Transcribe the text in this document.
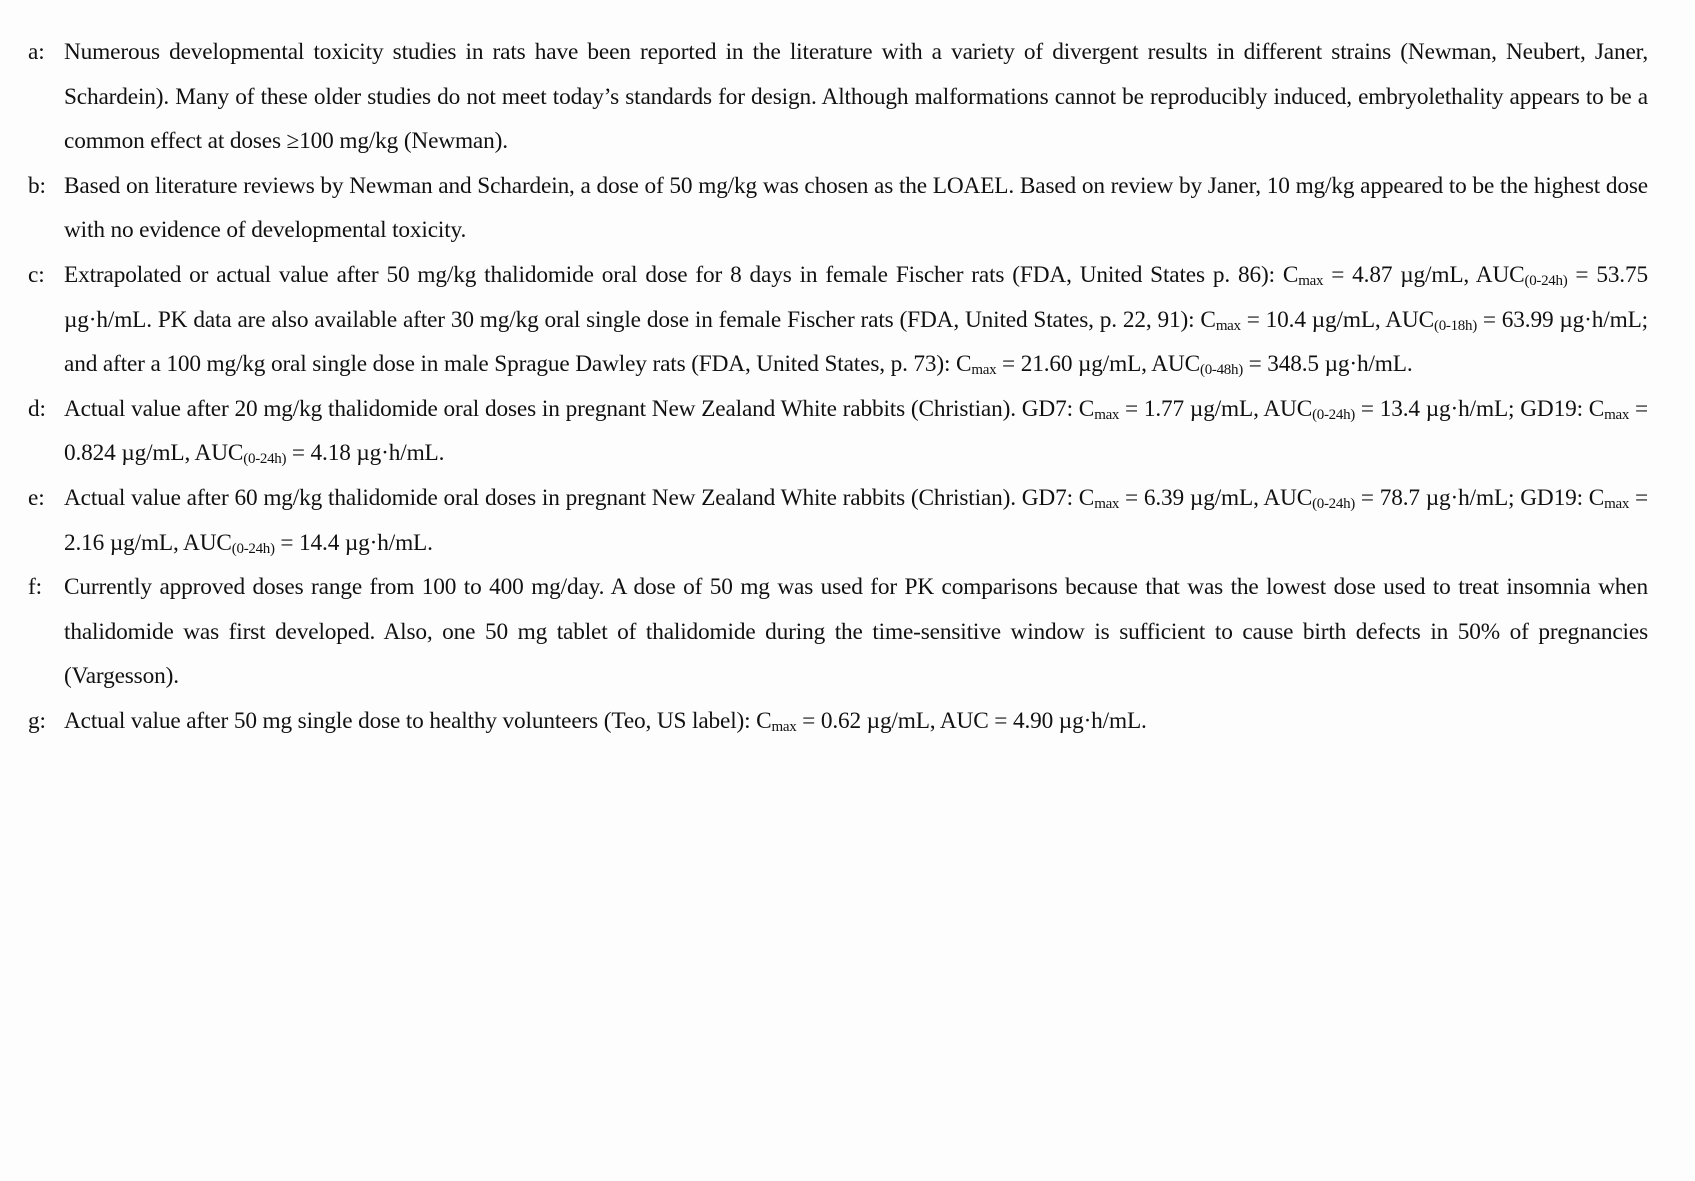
a: Numerous developmental toxicity studies in rats have been reported in the literature with a variety of divergent results in different strains (Newman, Neubert, Janer, Schardein). Many of these older studies do not meet today’s standards for design. Although malformations cannot be reproducibly induced, embryolethality appears to be a common effect at doses ≥100 mg/kg (Newman).
b: Based on literature reviews by Newman and Schardein, a dose of 50 mg/kg was chosen as the LOAEL. Based on review by Janer, 10 mg/kg appeared to be the highest dose with no evidence of developmental toxicity.
c: Extrapolated or actual value after 50 mg/kg thalidomide oral dose for 8 days in female Fischer rats (FDA, United States p. 86): $C_{max} = 4.87$ µg/mL, $AUC_{(0-24h)} = 53.75$ µg·h/mL. PK data are also available after 30 mg/kg oral single dose in female Fischer rats (FDA, United States, p. 22, 91): $C_{max} = 10.4$ µg/mL, $AUC_{(0-18h)} = 63.99$ µg·h/mL; and after a 100 mg/kg oral single dose in male Sprague Dawley rats (FDA, United States, p. 73): $C_{max} = 21.60$ µg/mL, $AUC_{(0-48h)} = 348.5$ µg·h/mL.
d: Actual value after 20 mg/kg thalidomide oral doses in pregnant New Zealand White rabbits (Christian). GD7: $C_{max} = 1.77$ µg/mL, $AUC_{(0-24h)} = 13.4$ µg·h/mL; GD19: $C_{max} = 0.824$ µg/mL, $AUC_{(0-24h)} = 4.18$ µg·h/mL.
e: Actual value after 60 mg/kg thalidomide oral doses in pregnant New Zealand White rabbits (Christian). GD7: $C_{max} = 6.39$ µg/mL, $AUC_{(0-24h)} = 78.7$ µg·h/mL; GD19: $C_{max} = 2.16$ µg/mL, $AUC_{(0-24h)} = 14.4$ µg·h/mL.
f: Currently approved doses range from 100 to 400 mg/day. A dose of 50 mg was used for PK comparisons because that was the lowest dose used to treat insomnia when thalidomide was first developed. Also, one 50 mg tablet of thalidomide during the time-sensitive window is sufficient to cause birth defects in 50% of pregnancies (Vargesson).
g: Actual value after 50 mg single dose to healthy volunteers (Teo, US label): $C_{max} = 0.62$ µg/mL, AUC = 4.90 µg·h/mL.
